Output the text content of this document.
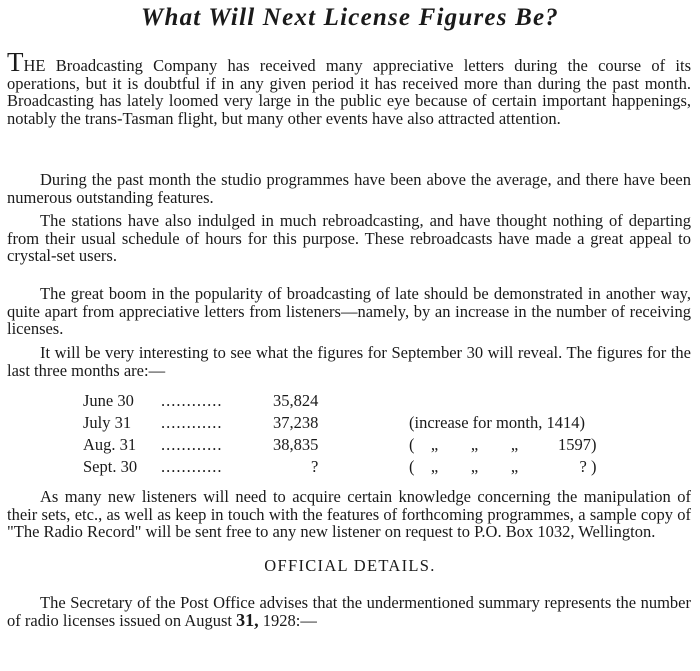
What Will Next License Figures Be?

THE Broadcasting Company has received many appreciative letters during the course of its operations, but it is doubtful if in any given period it has received more than during the past month. Broadcasting has lately loomed very large in the public eye because of certain important happenings, notably the trans-Tasman flight, but many other events have also attracted attention.

During the past month the studio programmes have been above the average, and there have been numerous outstanding features.

The stations have also indulged in much rebroadcasting, and have thought nothing of departing from their usual schedule of hours for this purpose. These rebroadcasts have made a great appeal to crystal-set users.

The great boom in the popularity of broadcasting of late should be demonstrated in another way, quite apart from appreciative letters from listeners—namely, by an increase in the number of receiving licenses.

It will be very interesting to see what the figures for September 30 will reveal. The figures for the last three months are:—

June 30	............	35,824	
July 31	............	37,238	(increase for month, 1414)
Aug. 31	............	38,835	( „ „ „ 1597)
Sept. 30	............	?	( „ „ „ ? )

As many new listeners will need to acquire certain knowledge concerning the manipulation of their sets, etc., as well as keep in touch with the features of forthcoming programmes, a sample copy of "The Radio Record" will be sent free to any new listener on request to P.O. Box 1032, Wellington.

OFFICIAL DETAILS.

The Secretary of the Post Office advises that the undermentioned summary represents the number of radio licenses issued on August 31, 1928:—
